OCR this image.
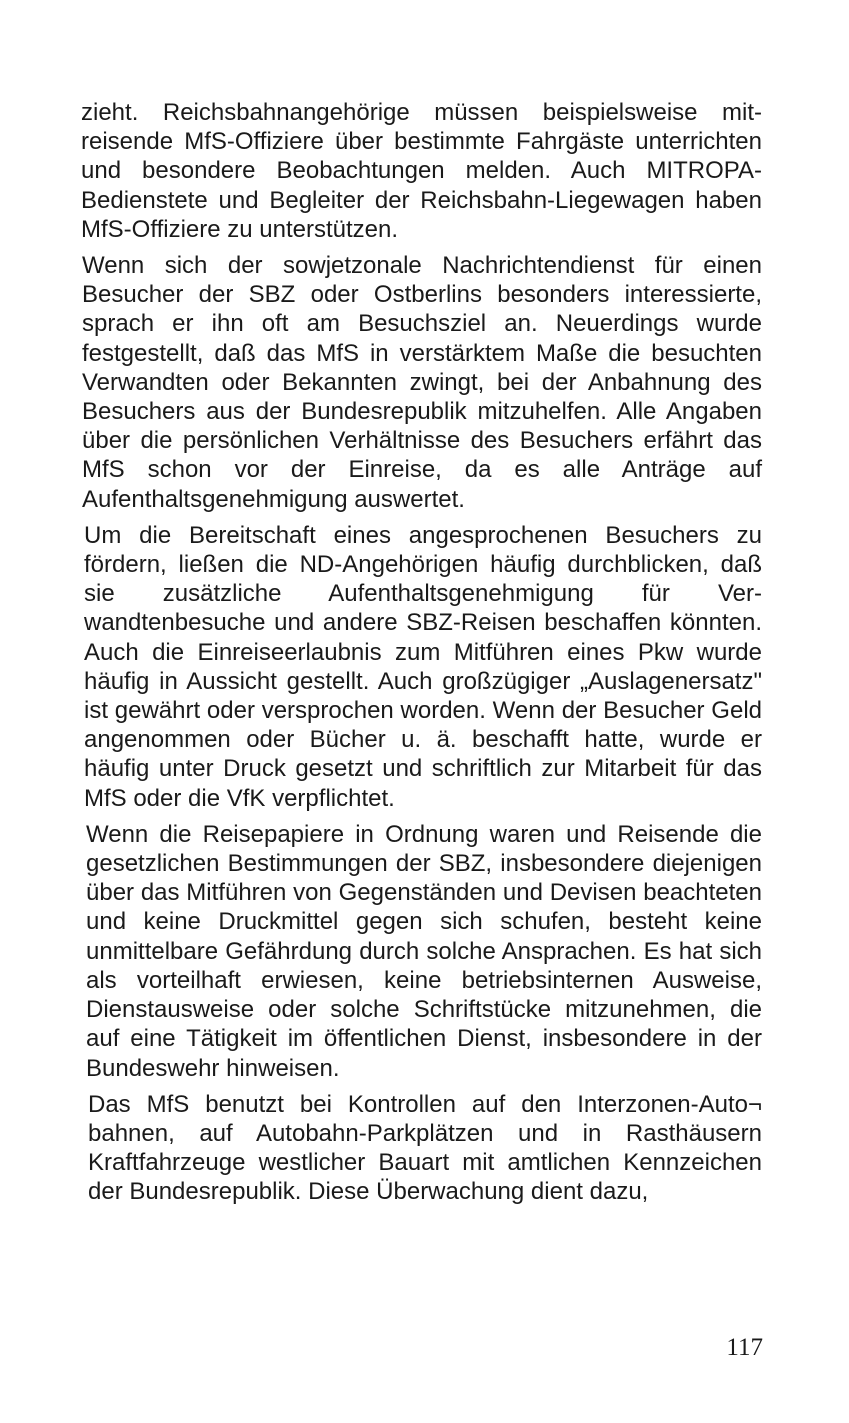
zieht. Reichsbahnangehörige müssen beispielsweise mitreisende MfS-Offiziere über bestimmte Fahrgäste unterrichten und besondere Beobachtungen melden. Auch MITROPA-Bedienstete und Begleiter der Reichsbahn-Liegewagen haben MfS-Offiziere zu unterstützen.

Wenn sich der sowjetzonale Nachrichtendienst für einen Besucher der SBZ oder Ostberlins besonders interessierte, sprach er ihn oft am Besuchsziel an. Neuerdings wurde festgestellt, daß das MfS in verstärktem Maße die besuchten Verwandten oder Bekannten zwingt, bei der Anbahnung des Besuchers aus der Bundesrepublik mitzuhelfen. Alle Angaben über die persönlichen Verhältnisse des Besuchers erfährt das MfS schon vor der Einreise, da es alle Anträge auf Aufenthaltsgenehmigung auswertet.

Um die Bereitschaft eines angesprochenen Besuchers zu fördern, ließen die ND-Angehörigen häufig durchblicken, daß sie zusätzliche Aufenthaltsgenehmigung für Verwandtenbesuche und andere SBZ-Reisen beschaffen könnten. Auch die Einreiseerlaubnis zum Mitführen eines Pkw wurde häufig in Aussicht gestellt. Auch großzügiger „Auslagenersatz" ist gewährt oder versprochen worden. Wenn der Besucher Geld angenommen oder Bücher u. ä. beschafft hatte, wurde er häufig unter Druck gesetzt und schriftlich zur Mitarbeit für das MfS oder die VfK verpflichtet.

Wenn die Reisepapiere in Ordnung waren und Reisende die gesetzlichen Bestimmungen der SBZ, insbesondere diejenigen über das Mitführen von Gegenständen und Devisen beachteten und keine Druckmittel gegen sich schufen, besteht keine unmittelbare Gefährdung durch solche Ansprachen. Es hat sich als vorteilhaft erwiesen, keine betriebsinternen Ausweise, Dienstausweise oder solche Schriftstücke mitzunehmen, die auf eine Tätigkeit im öffentlichen Dienst, insbesondere in der Bundeswehr hinweisen.

Das MfS benutzt bei Kontrollen auf den Interzonen-Auto¬ bahnen, auf Autobahn-Parkplätzen und in Rasthäusern Kraftfahrzeuge westlicher Bauart mit amtlichen Kennzeichen der Bundesrepublik. Diese Überwachung dient dazu,

117
